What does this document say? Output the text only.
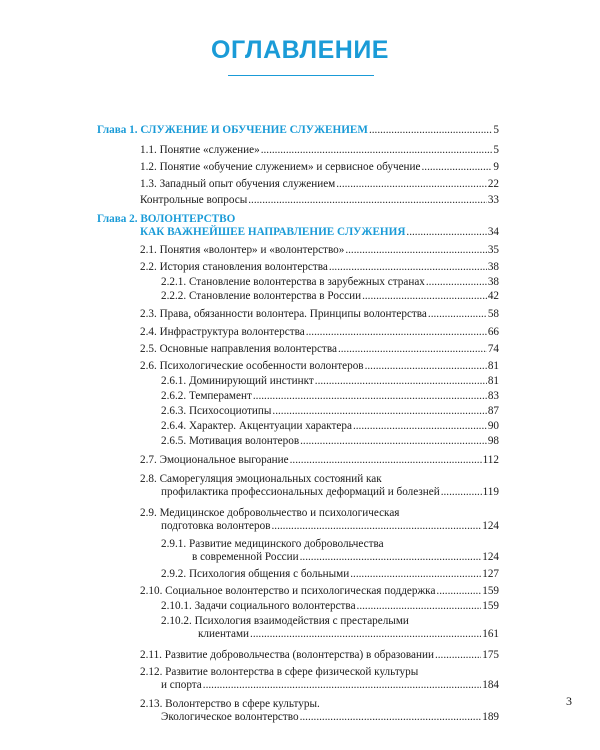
ОГЛАВЛЕНИЕ
Глава 1. СЛУЖЕНИЕ И ОБУЧЕНИЕ СЛУЖЕНИЕМ . . .	5
1.1. Понятие «служение» . . .	5
1.2. Понятие «обучение служением» и сервисное обучение . . .	9
1.3. Западный опыт обучения служением . . .	22
Контрольные вопросы . . .	33
Глава 2. ВОЛОНТЕРСТВО
КАК ВАЖНЕЙШЕЕ НАПРАВЛЕНИЕ СЛУЖЕНИЯ . . .	34
2.1. Понятия «волонтер» и «волонтерство» . . .	35
2.2. История становления волонтерства . . .	38
2.2.1. Становление волонтерства в зарубежных странах . . .	38
2.2.2. Становление волонтерства в России . . .	42
2.3. Права, обязанности волонтера. Принципы волонтерства . . .	58
2.4. Инфраструктура волонтерства . . .	66
2.5. Основные направления волонтерства . . .	74
2.6. Психологические особенности волонтеров . . .	81
2.6.1. Доминирующий инстинкт . . .	81
2.6.2. Темперамент . . .	83
2.6.3. Психосоциотипы . . .	87
2.6.4. Характер. Акцентуации характера . . .	90
2.6.5. Мотивация волонтеров . . .	98
2.7. Эмоциональное выгорание . . .	112
2.8. Саморегуляция эмоциональных состояний как
профилактика профессиональных деформаций и болезней . . .	119
2.9. Медицинское добровольчество и психологическая
подготовка волонтеров . . .	124
2.9.1. Развитие медицинского добровольчества
в современной России . . .	124
2.9.2. Психология общения с больными . . .	127
2.10. Социальное волонтерство и психологическая поддержка . . .	159
2.10.1. Задачи социального волонтерства . . .	159
2.10.2. Психология взаимодействия с престарелыми
клиентами . . .	161
2.11. Развитие добровольчества (волонтерства) в образовании . . .	175
2.12. Развитие волонтерства в сфере физической культуры
и спорта . . .	184
2.13. Волонтерство в сфере культуры.
Экологическое волонтерство . . .	189
3
